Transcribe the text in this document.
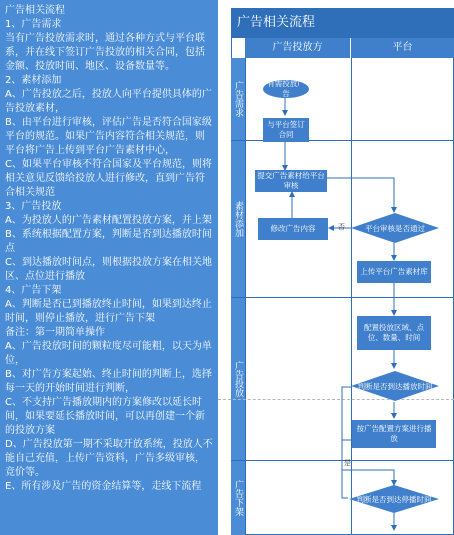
广告相关流程
1、广告需求
当有广告投放需求时，通过各种方式与平台联系，并在线下签订广告投放的相关合同，包括金额、投放时间、地区、设备数量等。
2、素材添加
A、广告投放之后，投放人向平台提供具体的广告投放素材，
B、由平台进行审核，评估广告是否符合国家级平台的规范。如果广告内容符合相关规范，则平台将广告上传到平台广告素材中心，
C、如果平台审核不符合国家及平台规范，则将相关意见反馈给投放人进行修改，直到广告符合相关规范
3、广告投放
A、为投放人的广告素材配置投放方案，并上架
B、系统根据配置方案，判断是否到达播放时间点
C、到达播放时间点，则根据投放方案在相关地区、点位进行播放
4、广告下架
A、判断是否已到播放终止时间，如果到达终止时间，则停止播放，进行广告下架
备注：第一期简单操作
A、广告投放时间的颗粒度尽可能粗，以天为单位，
B、对广告方案起始、终止时间的判断上，选择每一天的开始时间进行判断，
C、不支持广告播放期内的方案修改以延长时间，如果要延长播放时间，可以再创建一个新的投放方案
D、广告投放第一期不采取开放系统，投放人不能自己充值，上传广告资料，广告多级审核，竞价等。
E、所有涉及广告的资金结算等，走线下流程
广告相关流程
广告投放方	平台
广告需求
素材添加
广告投放
广告下架
有需投放广告
与平台签订合同
提交广告素材给平台审核
修改广告内容	平台审核是否通过
上传平台广告素材库
配置投放区域、点位、数量、时间
判断是否到达播放时间
按广告配置方案进行播放
判断是否到达停播时间
否
是
